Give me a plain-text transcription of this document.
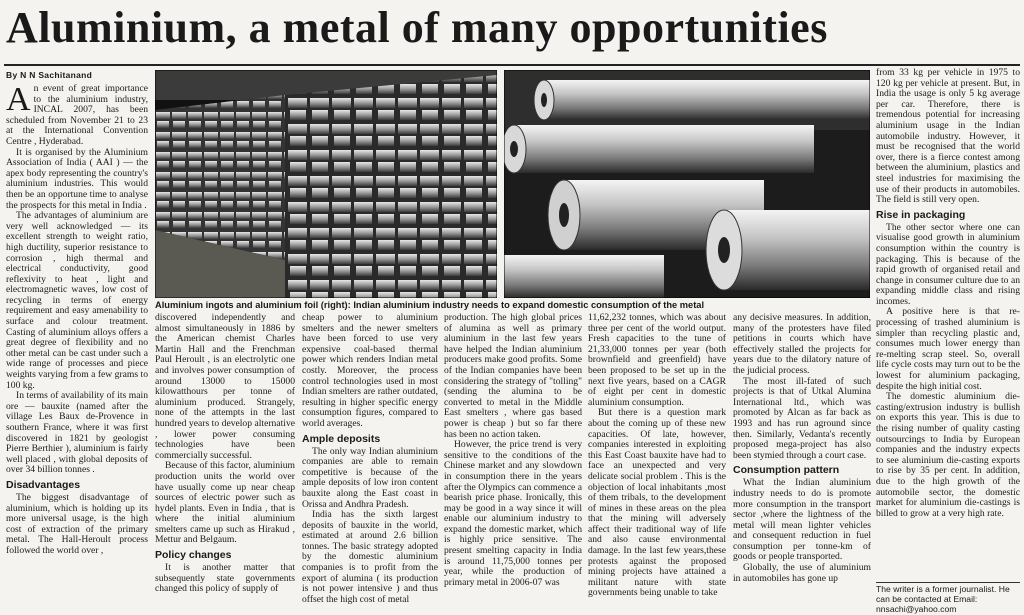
Aluminium, a metal of many opportunities
By N N Sachitanand

An event of great importance to the aluminium industry, INCAL 2007, has been scheduled from November 21 to 23 at the International Convention Centre , Hyderabad.

It is organised by the Aluminium Association of India ( AAI ) — the apex body representing the country's aluminium industries. This would then be an opportune time to analyse the prospects for this metal in India .

The advantages of aluminium are very well acknowledged — its excellent strength to weight ratio, high ductility, superior resistance to corrosion , high thermal and electrical conductivity, good reflexivity to heat , light and electromagnetic waves, low cost of recycling in terms of energy requirement and easy amenability to surface and colour treatment. Casting of aluminium alloys offers a great degree of flexibility and no other metal can be cast under such a wide range of processes and piece weights varying from a few grams to 100 kg.

In terms of availability of its main ore — bauxite (named after the village Les Baux de-Provence in southern France, where it was first discovered in 1821 by geologist Pierre Berthier ), aluminium is fairly well placed , with global deposits of over 34 billion tonnes .

Disadvantages

The biggest disadvantage of aluminium, which is holding up its more universal usage, is the high cost of extraction of the primary metal. The Hall-Heroult process followed the world over ,

Aluminium ingots and aluminium foil (right): Indian aluminium industry needs to expand domestic consumption of the metal

discovered independently and almost simultaneously in 1886 by the American chemist Charles Martin Hall and the Frenchman Paul Heroult , is an electrolytic one and involves power consumption of around 13000 to 15000 kilowatthours per tonne of aluminium produced. Strangely, none of the attempts in the last hundred years to develop alternative , lower power consuming technologies have been commercially successful.

Because of this factor, aluminium production units the world over have usually come up near cheap sources of electric power such as hydel plants. Even in India , that is where the initial aluminium smelters came up such as Hirakud , Mettur and Belgaum.

Policy changes

It is another matter that subsequently state governments changed this policy of supply of

cheap power to aluminium smelters and the newer smelters have been forced to use very expensive coal-based thermal power which renders Indian metal costly. Moreover, the process control technologies used in most Indian smelters are rather outdated, resulting in higher specific energy consumption figures, compared to world averages.

Ample deposits

The only way Indian aluminium companies are able to remain competitive is because of the ample deposits of low iron content bauxite along the East coast in Orissa and Andhra Pradesh.

India has the sixth largest deposits of bauxite in the world, estimated at around 2.6 billion tonnes. The basic strategy adopted by the domestic aluminium companies is to profit from the export of alumina ( its production is not power intensive ) and thus offset the high cost of metal

production. The high global prices of alumina as well as primary aluminium in the last few years have helped the Indian aluminium producers make good profits. Some of the Indian companies have been considering the strategy of "tolling" (sending the alumina to be converted to metal in the Middle East smelters , where gas based power is cheap ) but so far there has been no action taken.

However, the price trend is very sensitive to the conditions of the Chinese market and any slowdown in consumption there in the years after the Olympics can commence a bearish price phase. Ironically, this may be good in a way since it will enable our aluminium industry to expand the domestic market, which is highly price sensitive. The present smelting capacity in India is around 11,75,000 tonnes per year, while the production of primary metal in 2006-07 was

11,62,232 tonnes, which was about three per cent of the world output. Fresh capacities to the tune of 21,33,000 tonnes per year (both brownfield and greenfield) have been proposed to be set up in the next five years, based on a CAGR of eight per cent in domestic aluminium consumption.

But there is a question mark about the coming up of these new capacities. Of late, however, companies interested in exploiting this East Coast bauxite have had to face an unexpected and very delicate social problem . This is the objection of local inhabitants ,most of them tribals, to the development of mines in these areas on the plea that the mining will adversely affect their traditional way of life and also cause environmental damage. In the last few years,these protests against the proposed mining projects have attained a militant nature with state governments being unable to take

any decisive measures. In addition, many of the protesters have filed petitions in courts which have effectively stalled the projects for years due to the dilatory nature of the judicial process.

The most ill-fated of such projects is that of Utkal Alumina International ltd., which was promoted by Alcan as far back as 1993 and has run aground since then. Similarly, Vedanta's recently proposed mega-project has also been stymied through a court case.

Consumption pattern

What the Indian aluminium industry needs to do is promote more consumption in the transport sector ,where the lightness of the metal will mean lighter vehicles and consequent reduction in fuel consumption per tonne-km of goods or people transported.

Globally, the use of aluminium in automobiles has gone up

from 33 kg per vehicle in 1975 to 120 kg per vehicle at present. But, in India the usage is only 5 kg average per car. Therefore, there is tremendous potential for increasing aluminium usage in the Indian automobile industry. However, it must be recognised that the world over, there is a fierce contest among between the aluminium, plastics and steel industries for maximising the use of their products in automobiles. The field is still very open.

Rise in packaging

The other sector where one can visualise good growth in aluminium consumption within the country is packaging. This is because of the rapid growth of organised retail and change in consumer culture due to an expanding middle class and rising incomes.

A positive here is that re-processing of trashed aluminium is simpler than recycling plastic and, consumes much lower energy than re-melting scrap steel. So, overall life cycle costs may turn out to be the lowest for aluminium packaging, despite the high initial cost.

The domestic aluminium die-casting/extrusion industry is bullish on exports this year. This is due to the rising number of quality casting outsourcings to India by European companies and the industry expects to see aluminium die-casting exports to rise by 35 per cent. In addition, due to the high growth of the automobile sector, the domestic market for aluminium die-castings is billed to grow at a very high rate.

The writer is a former journalist. He can be contacted at Email:
nnsachi@yahoo.com
